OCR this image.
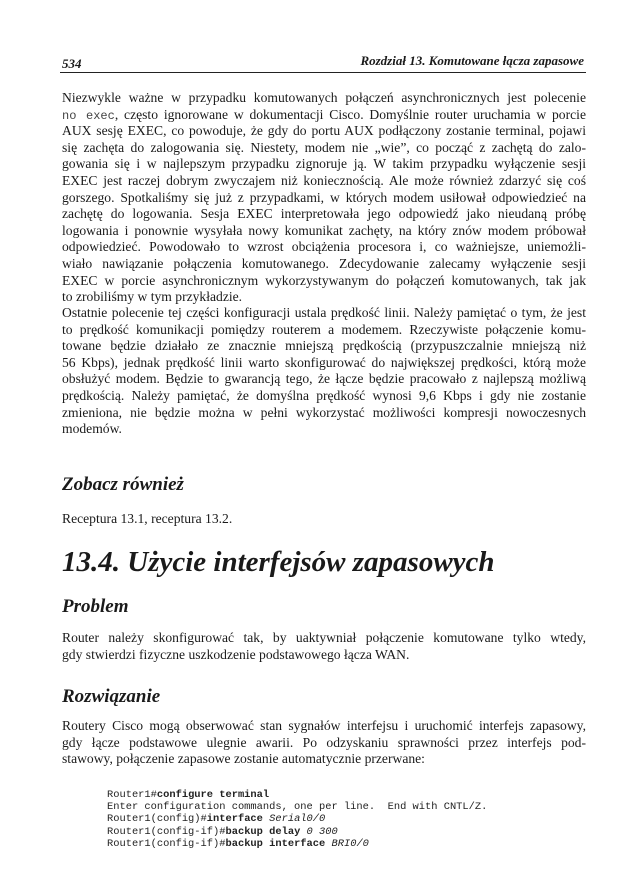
534	Rozdział 13. Komutowane łącza zapasowe
Niezwykle ważne w przypadku komutowanych połączeń asynchronicznych jest polecenie
no exec, często ignorowane w dokumentacji Cisco. Domyślnie router uruchamia w porcie
AUX sesję EXEC, co powoduje, że gdy do portu AUX podłączony zostanie terminal, pojawi
się zachęta do zalogowania się. Niestety, modem nie „wie”, co począć z zachętą do zalo-
gowania się i w najlepszym przypadku zignoruje ją. W takim przypadku wyłączenie sesji
EXEC jest raczej dobrym zwyczajem niż koniecznością. Ale może również zdarzyć się coś
gorszego. Spotkaliśmy się już z przypadkami, w których modem usiłował odpowiedzieć na
zachętę do logowania. Sesja EXEC interpretowała jego odpowiedź jako nieudaną próbę
logowania i ponownie wysyłała nowy komunikat zachęty, na który znów modem próbował
odpowiedzieć. Powodowało to wzrost obciążenia procesora i, co ważniejsze, uniemożli-
wiało nawiązanie połączenia komutowanego. Zdecydowanie zalecamy wyłączenie sesji
EXEC w porcie asynchronicznym wykorzystywanym do połączeń komutowanych, tak jak
to zrobiliśmy w tym przykładzie.
Ostatnie polecenie tej części konfiguracji ustala prędkość linii. Należy pamiętać o tym, że jest
to prędkość komunikacji pomiędzy routerem a modemem. Rzeczywiste połączenie komu-
towane będzie działało ze znacznie mniejszą prędkością (przypuszczalnie mniejszą niż
56 Kbps), jednak prędkość linii warto skonfigurować do największej prędkości, którą może
obsłużyć modem. Będzie to gwarancją tego, że łącze będzie pracowało z najlepszą możliwą
prędkością. Należy pamiętać, że domyślna prędkość wynosi 9,6 Kbps i gdy nie zostanie
zmieniona, nie będzie można w pełni wykorzystać możliwości kompresji nowoczesnych
modemów.
Zobacz również
Receptura 13.1, receptura 13.2.
13.4. Użycie interfejsów zapasowych
Problem
Router należy skonfigurować tak, by uaktywniał połączenie komutowane tylko wtedy,
gdy stwierdzi fizyczne uszkodzenie podstawowego łącza WAN.
Rozwiązanie
Routery Cisco mogą obserwować stan sygnałów interfejsu i uruchomić interfejs zapasowy,
gdy łącze podstawowe ulegnie awarii. Po odzyskaniu sprawności przez interfejs pod-
stawowy, połączenie zapasowe zostanie automatycznie przerwane:
Router1#configure terminal
Enter configuration commands, one per line.  End with CNTL/Z.
Router1(config)#interface Serial0/0
Router1(config-if)#backup delay 0 300
Router1(config-if)#backup interface BRI0/0
